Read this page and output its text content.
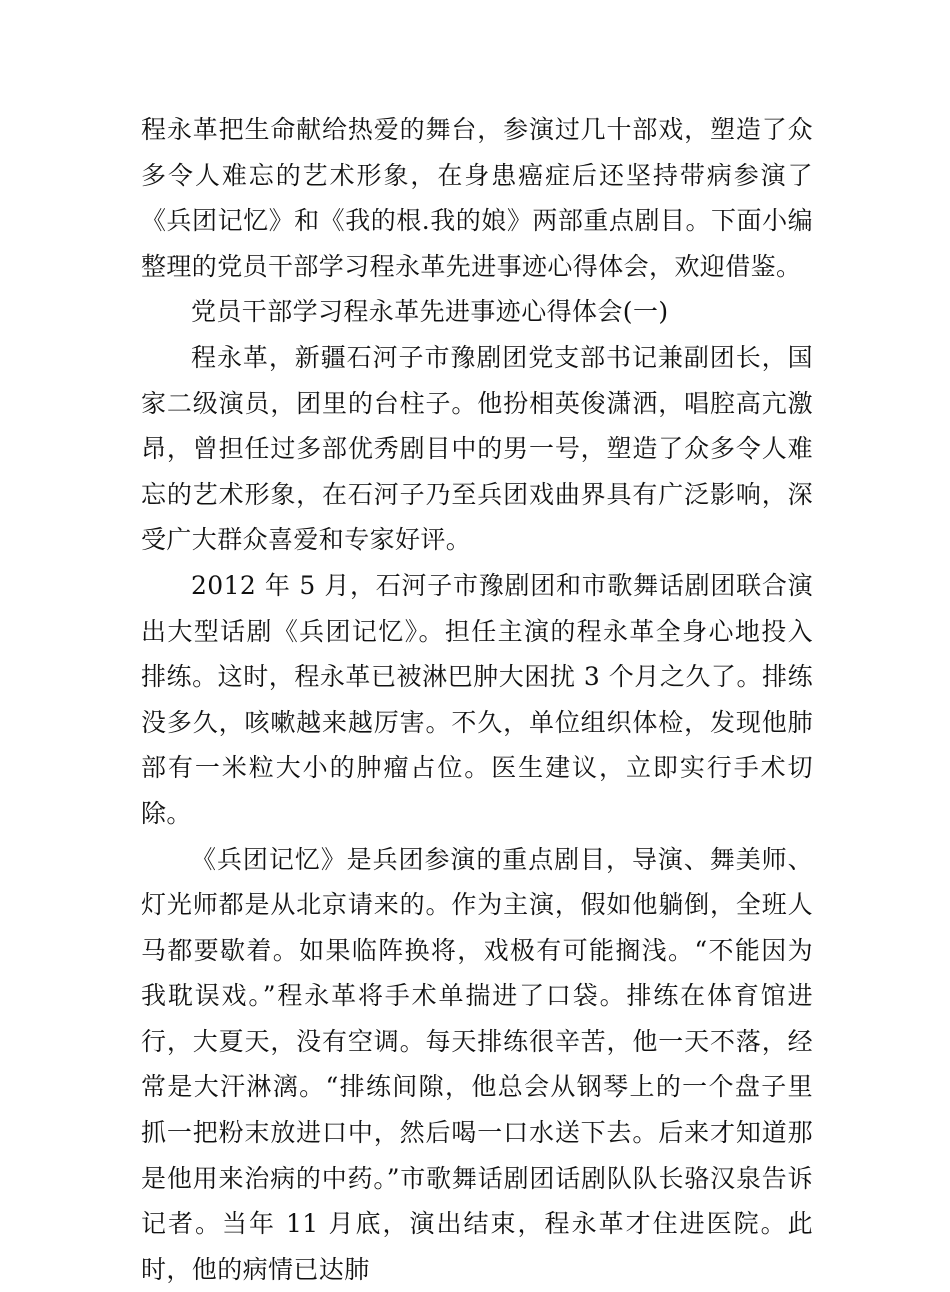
程永革把生命献给热爱的舞台，参演过几十部戏，塑造了众多令人难忘的艺术形象，在身患癌症后还坚持带病参演了《兵团记忆》和《我的根.我的娘》两部重点剧目。下面小编整理的党员干部学习程永革先进事迹心得体会，欢迎借鉴。

党员干部学习程永革先进事迹心得体会(一)

程永革，新疆石河子市豫剧团党支部书记兼副团长，国家二级演员，团里的台柱子。他扮相英俊潇洒，唱腔高亢激昂，曾担任过多部优秀剧目中的男一号，塑造了众多令人难忘的艺术形象，在石河子乃至兵团戏曲界具有广泛影响，深受广大群众喜爱和专家好评。

2012 年 5 月，石河子市豫剧团和市歌舞话剧团联合演出大型话剧《兵团记忆》。担任主演的程永革全身心地投入排练。这时，程永革已被淋巴肿大困扰 3 个月之久了。排练没多久，咳嗽越来越厉害。不久，单位组织体检，发现他肺部有一米粒大小的肿瘤占位。医生建议，立即实行手术切除。

《兵团记忆》是兵团参演的重点剧目，导演、舞美师、灯光师都是从北京请来的。作为主演，假如他躺倒，全班人马都要歇着。如果临阵换将，戏极有可能搁浅。“不能因为我耽误戏。”程永革将手术单揣进了口袋。排练在体育馆进行，大夏天，没有空调。每天排练很辛苦，他一天不落，经常是大汗淋漓。“排练间隙，他总会从钢琴上的一个盘子里抓一把粉末放进口中，然后喝一口水送下去。后来才知道那是他用来治病的中药。”市歌舞话剧团话剧队队长骆汉泉告诉记者。当年 11 月底，演出结束，程永革才住进医院。此时，他的病情已达肺
